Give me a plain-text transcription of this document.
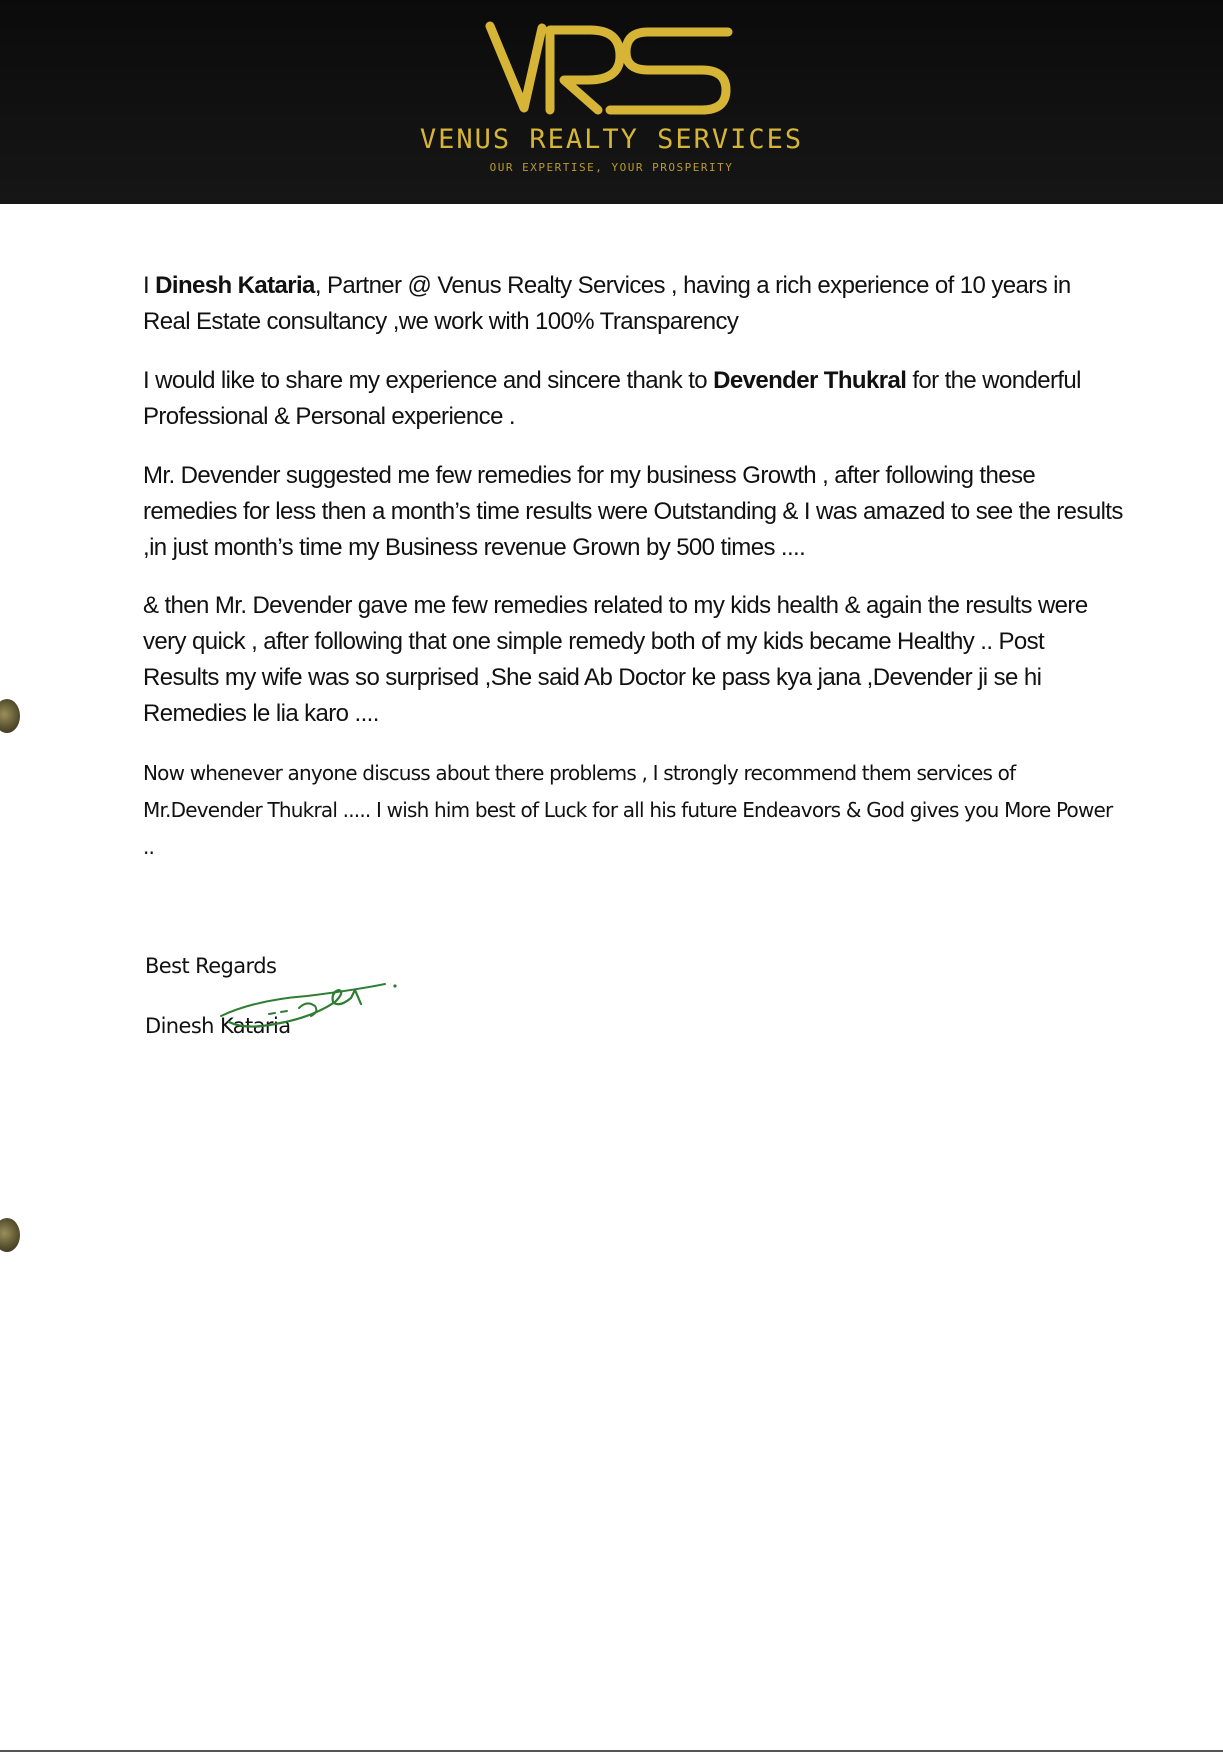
VENUS REALTY SERVICES
OUR EXPERTISE, YOUR PROSPERITY

I Dinesh Kataria, Partner @ Venus Realty Services , having a rich experience of 10 years in Real Estate consultancy ,we work with 100% Transparency

I would like to share my experience and sincere thank to Devender Thukral for the wonderful Professional & Personal experience .

Mr. Devender suggested me few remedies for my business Growth , after following these remedies for less then a month’s time results were Outstanding & I was amazed to see the results ,in just month’s time my Business revenue Grown by 500 times ....

& then Mr. Devender gave me few remedies related to my kids health & again the results were very quick , after following that one simple remedy both of my kids became Healthy .. Post Results my wife was so surprised ,She said Ab Doctor ke pass kya jana ,Devender ji se hi Remedies le lia karo ....

Now whenever anyone discuss about there problems , I strongly recommend them services of Mr.Devender Thukral ..... I wish him best of Luck for all his future Endeavors & God gives you More Power ..

Best Regards
Dinesh Kataria
